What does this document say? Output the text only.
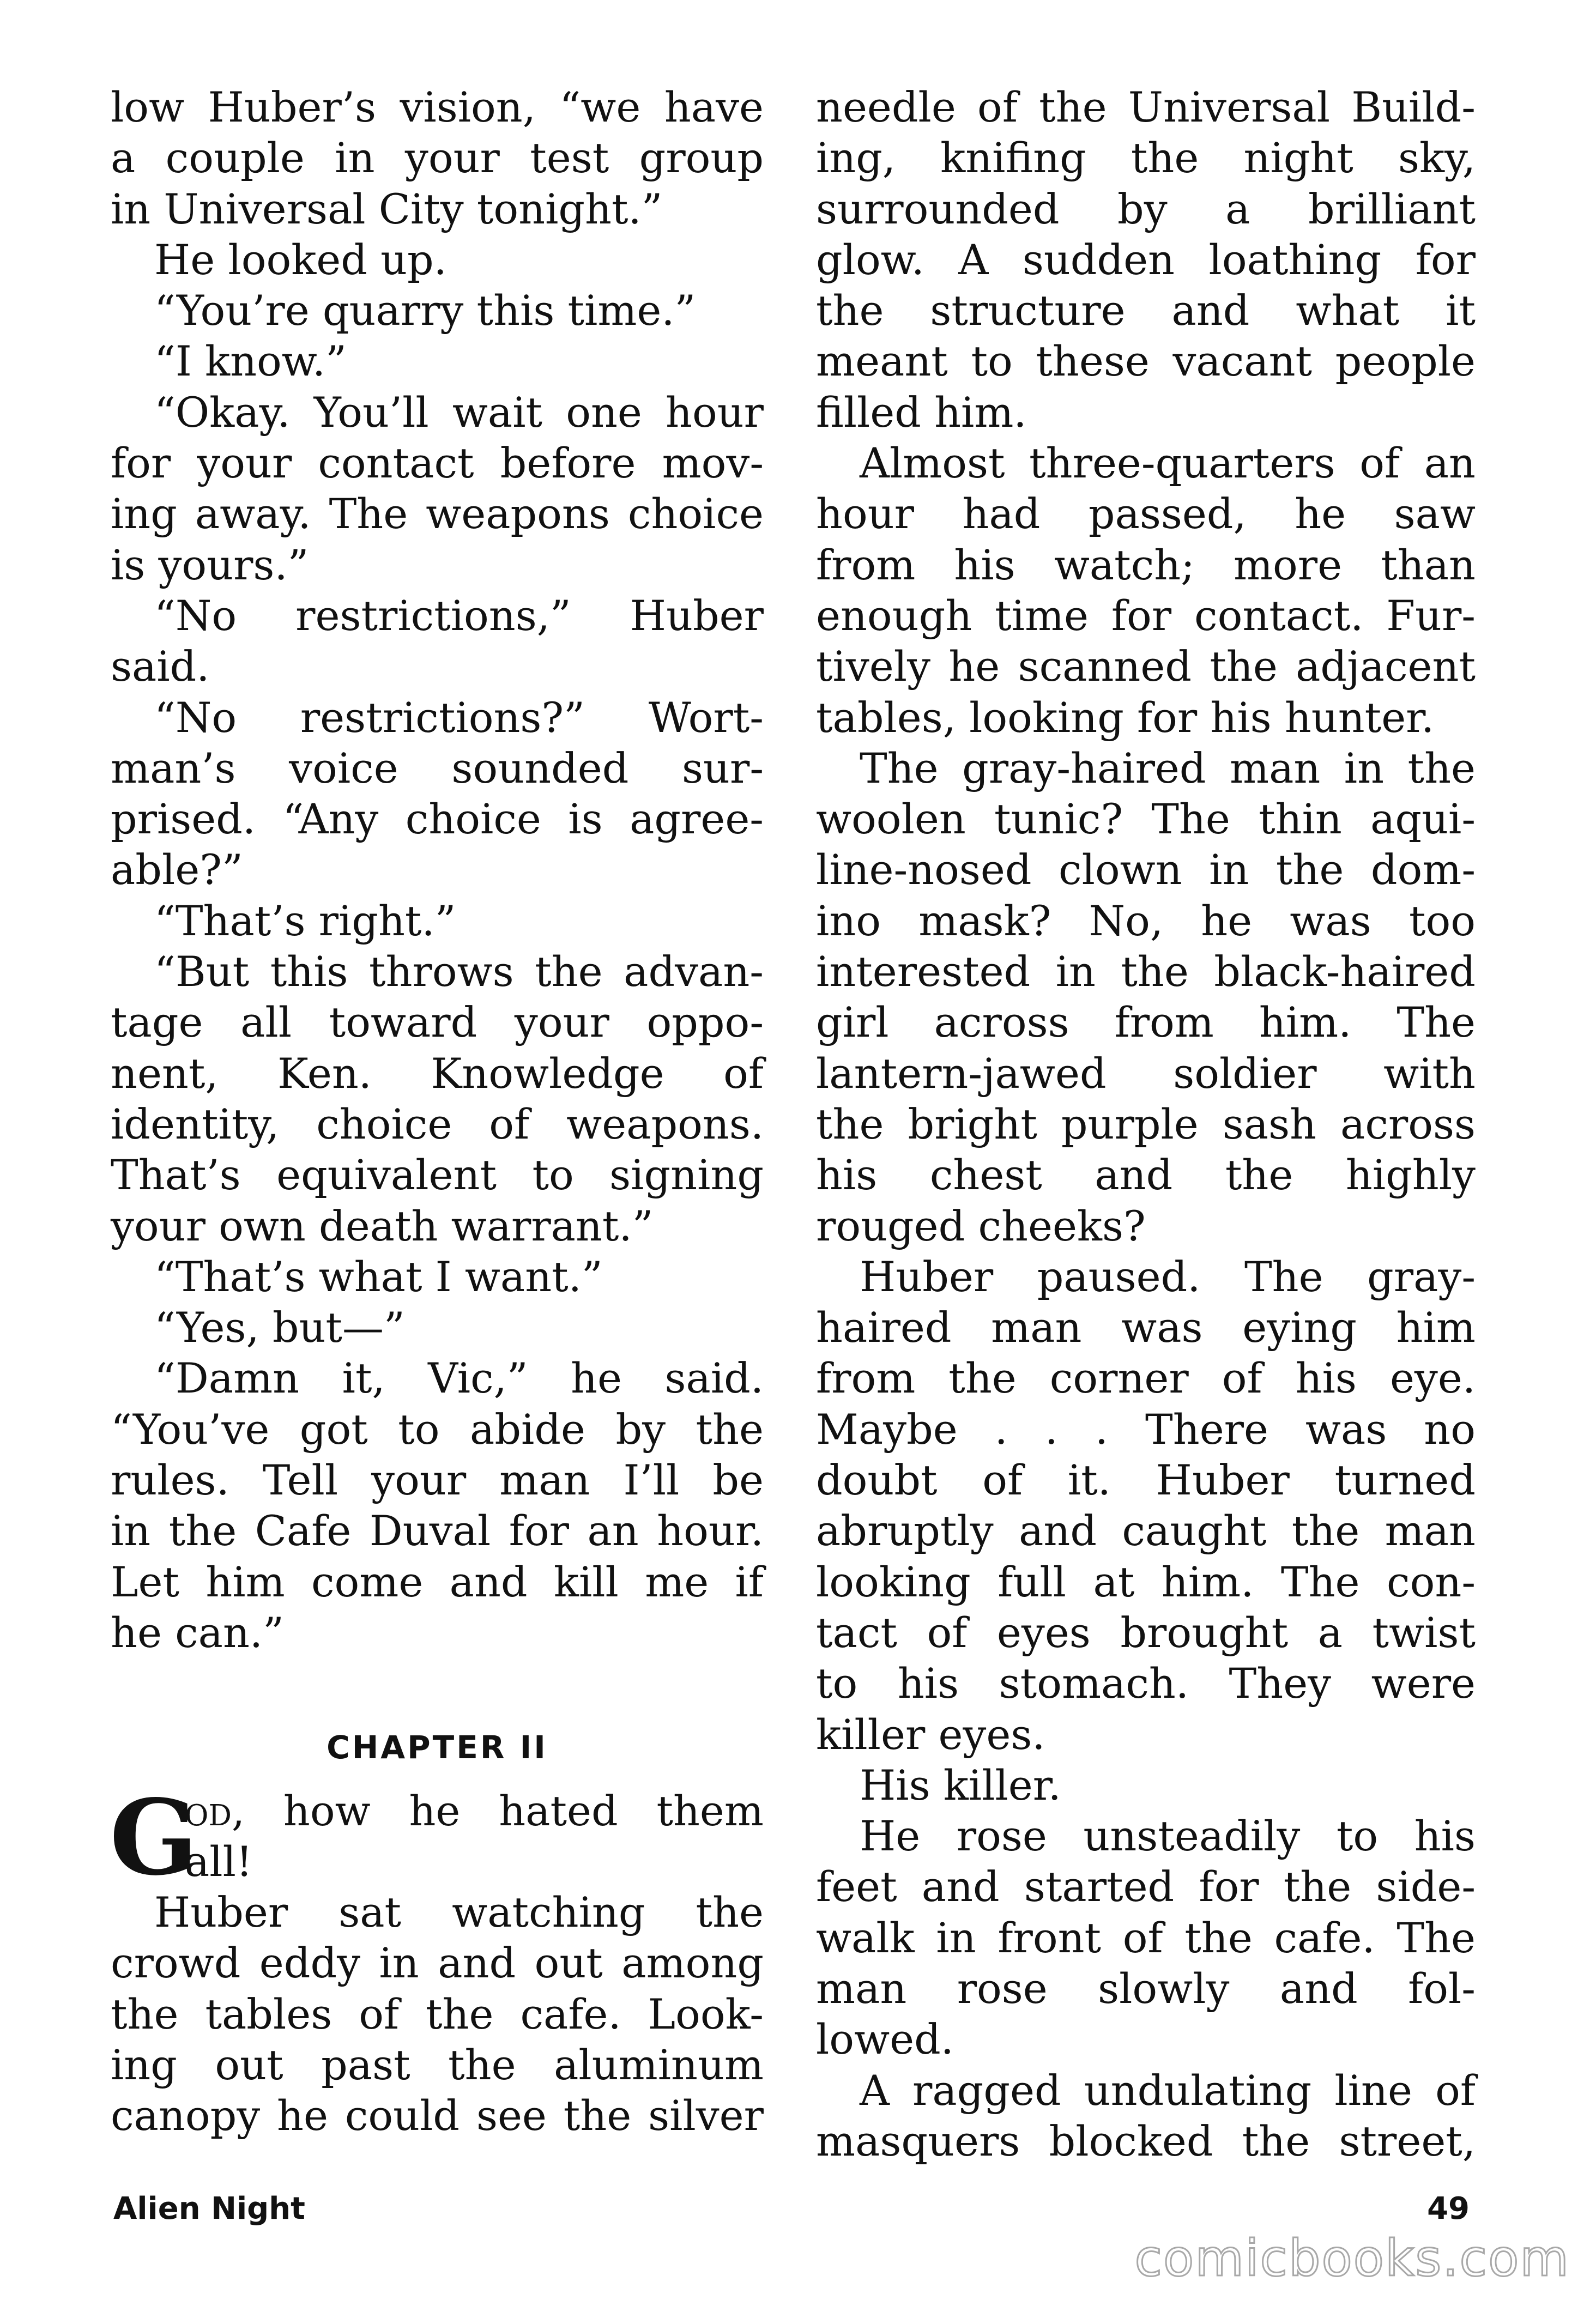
low Huber’s vision, “we have
a couple in your test group
in Universal City tonight.”
He looked up.
“You’re quarry this time.”
“I know.”
“Okay. You’ll wait one hour
for your contact before mov-
ing away. The weapons choice
is yours.”
“No restrictions,” Huber
said.
“No restrictions?” Wort-
man’s voice sounded sur-
prised. “Any choice is agree-
able?”
“That’s right.”
“But this throws the advan-
tage all toward your oppo-
nent, Ken. Knowledge of
identity, choice of weapons.
That’s equivalent to signing
your own death warrant.”
“That’s what I want.”
“Yes, but—”
“Damn it, Vic,” he said.
“You’ve got to abide by the
rules. Tell your man I’ll be
in the Cafe Duval for an hour.
Let him come and kill me if
he can.”
CHAPTER II
G
od, how he hated them
all!
Huber sat watching the
crowd eddy in and out among
the tables of the cafe. Look-
ing out past the aluminum
canopy he could see the silver
needle of the Universal Build-
ing, knifing the night sky,
surrounded by a brilliant
glow. A sudden loathing for
the structure and what it
meant to these vacant people
filled him.
Almost three-quarters of an
hour had passed, he saw
from his watch; more than
enough time for contact. Fur-
tively he scanned the adjacent
tables, looking for his hunter.
The gray-haired man in the
woolen tunic? The thin aqui-
line-nosed clown in the dom-
ino mask? No, he was too
interested in the black-haired
girl across from him. The
lantern-jawed soldier with
the bright purple sash across
his chest and the highly
rouged cheeks?
Huber paused. The gray-
haired man was eying him
from the corner of his eye.
Maybe . . . There was no
doubt of it. Huber turned
abruptly and caught the man
looking full at him. The con-
tact of eyes brought a twist
to his stomach. They were
killer eyes.
His killer.
He rose unsteadily to his
feet and started for the side-
walk in front of the cafe. The
man rose slowly and fol-
lowed.
A ragged undulating line of
masquers blocked the street,
Alien Night	49
comicbooks.com
